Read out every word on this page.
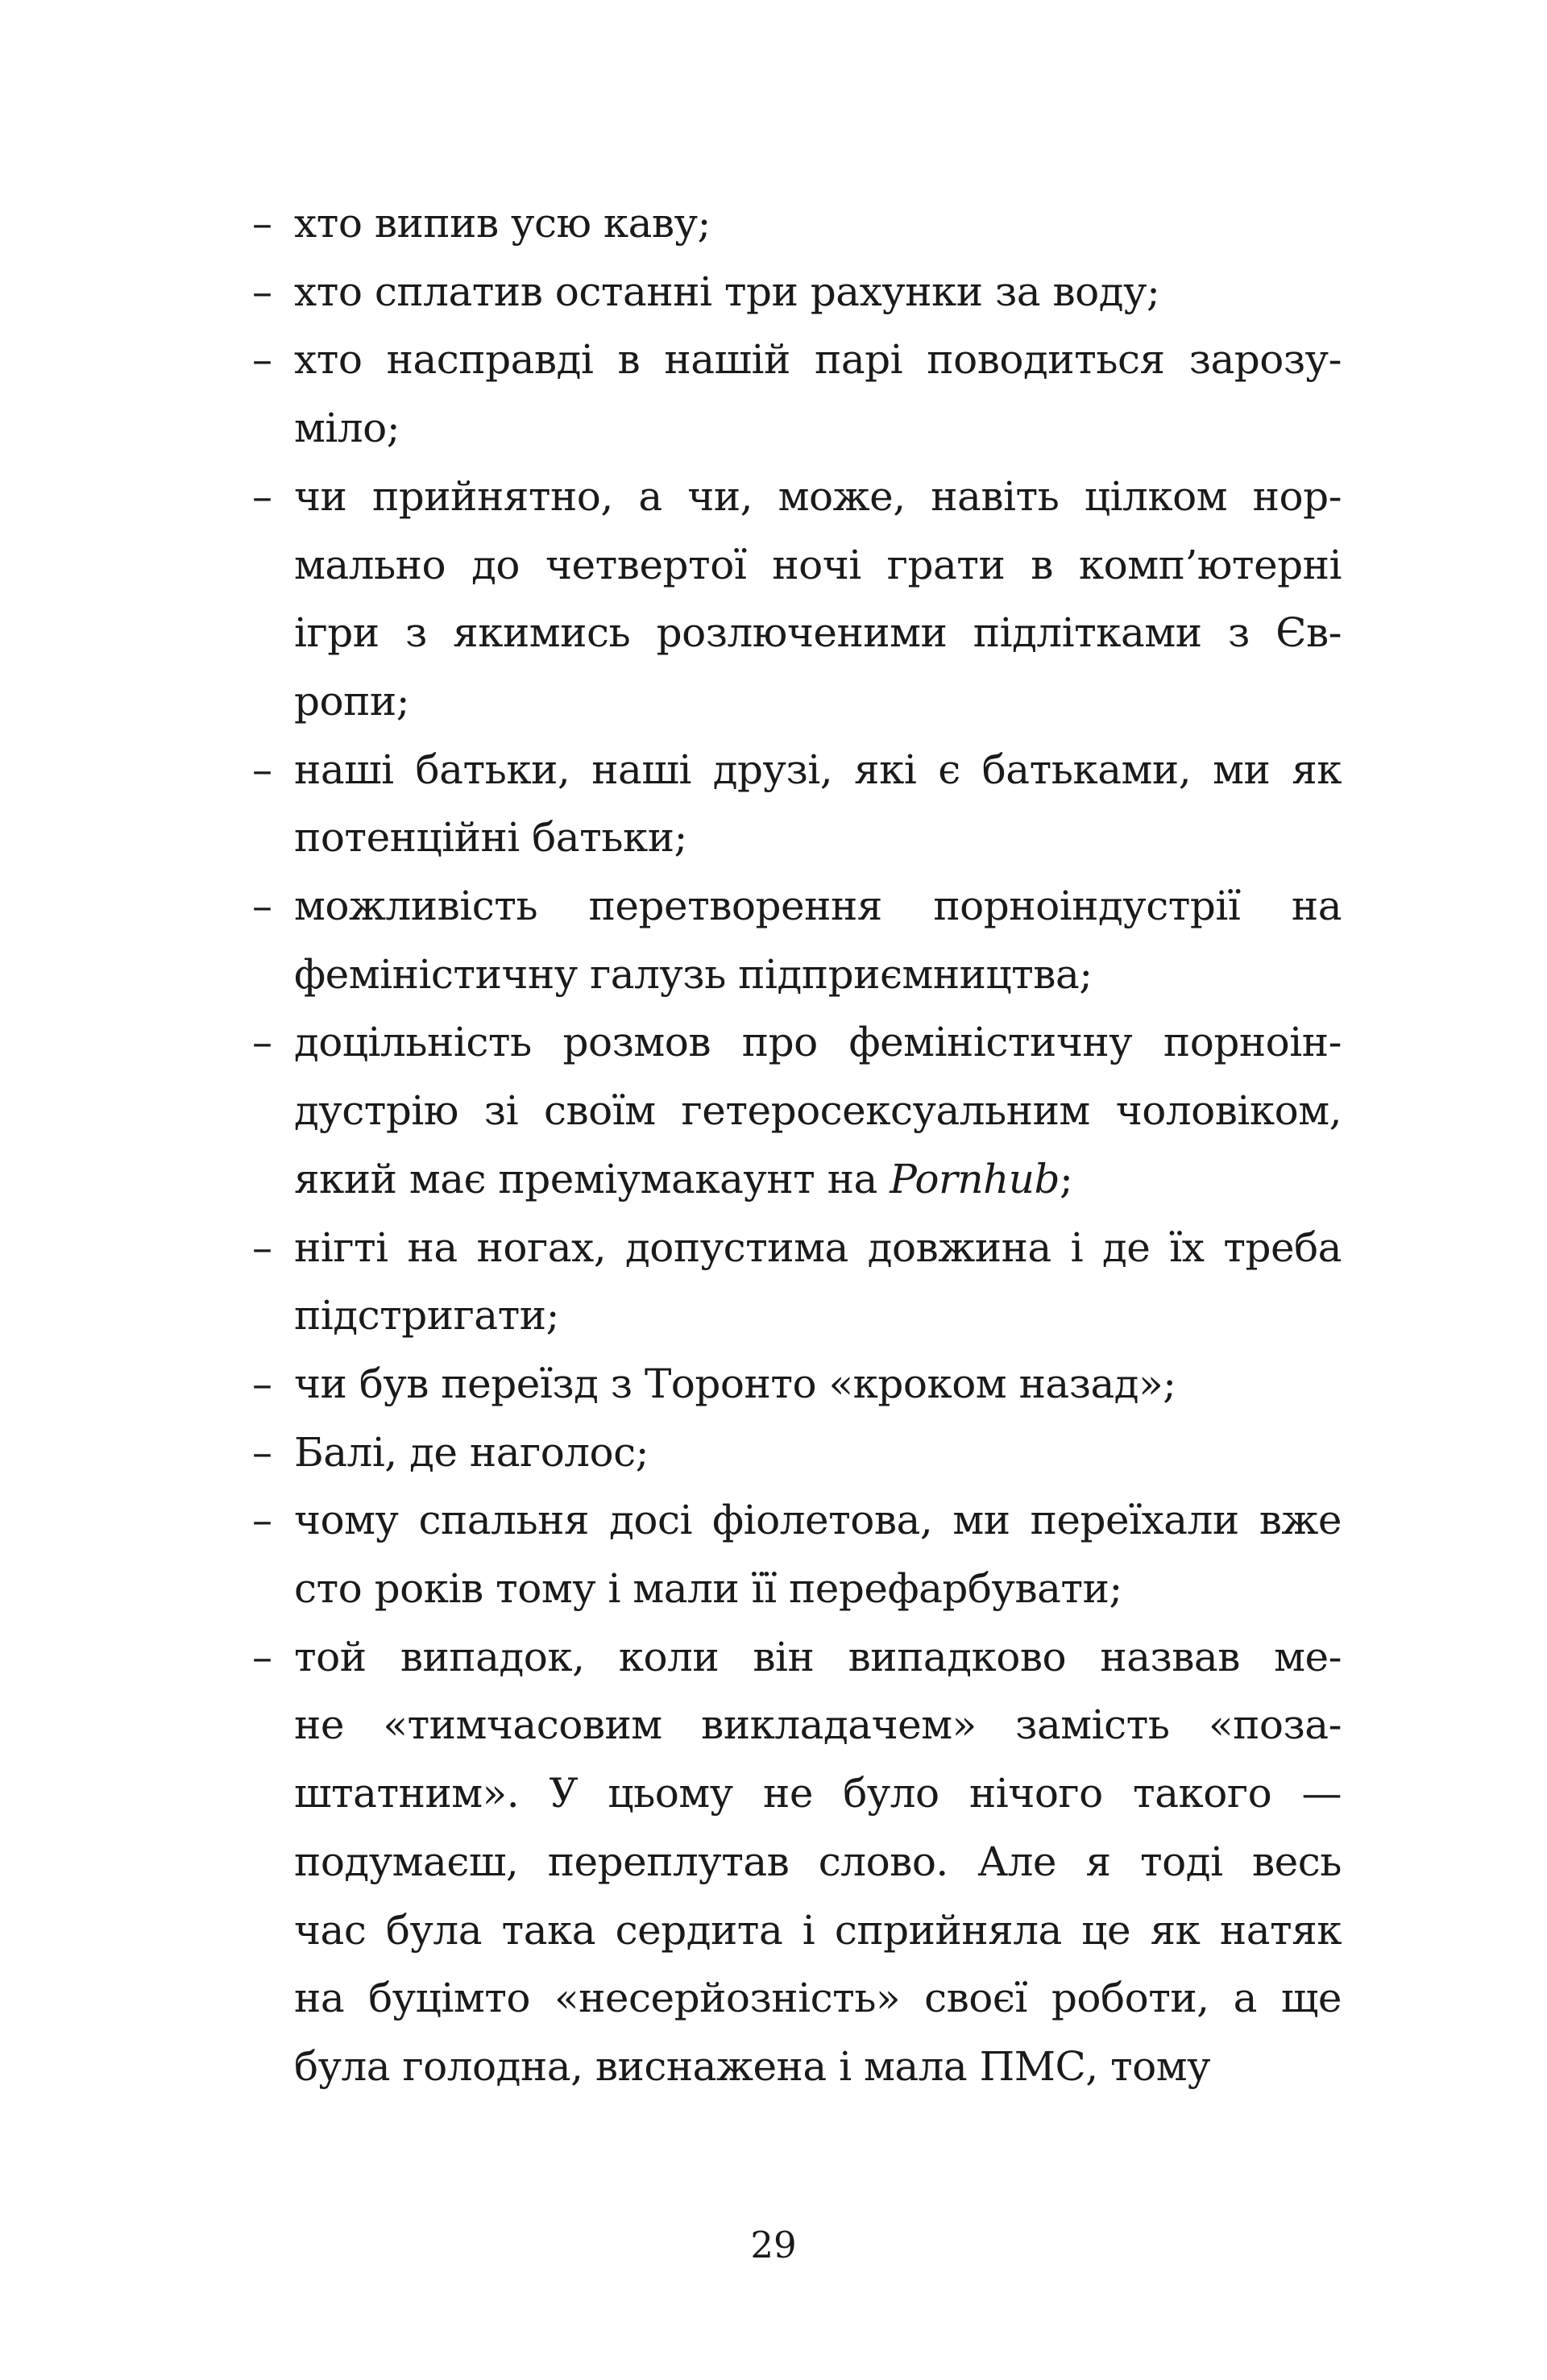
– хто випив усю каву;
– хто сплатив останні три рахунки за воду;
– хто насправді в нашій парі поводиться зарозу-
міло;
– чи прийнятно, а чи, може, навіть цілком нор-
мально до четвертої ночі грати в комп’ютерні
ігри з якимись розлюченими підлітками з Єв-
ропи;
– наші батьки, наші друзі, які є батьками, ми як
потенційні батьки;
– можливість перетворення порноіндустрії на
феміністичну галузь підприємництва;
– доцільність розмов про феміністичну порноін-
дустрію зі своїм гетеросексуальним чоловіком,
який має преміумакаунт на Pornhub;
– нігті на ногах, допустима довжина і де їх треба
підстригати;
– чи був переїзд з Торонто «кроком назад»;
– Балі, де наголос;
– чому спальня досі фіолетова, ми переїхали вже
сто років тому і мали її перефарбувати;
– той випадок, коли він випадково назвав ме-
не «тимчасовим викладачем» замість «поза-
штатним». У цьому не було нічого такого —
подумаєш, переплутав слово. Але я тоді весь
час була така сердита і сприйняла це як натяк
на буцімто «несерйозність» своєї роботи, а ще
була голодна, виснажена і мала ПМС, тому
29
